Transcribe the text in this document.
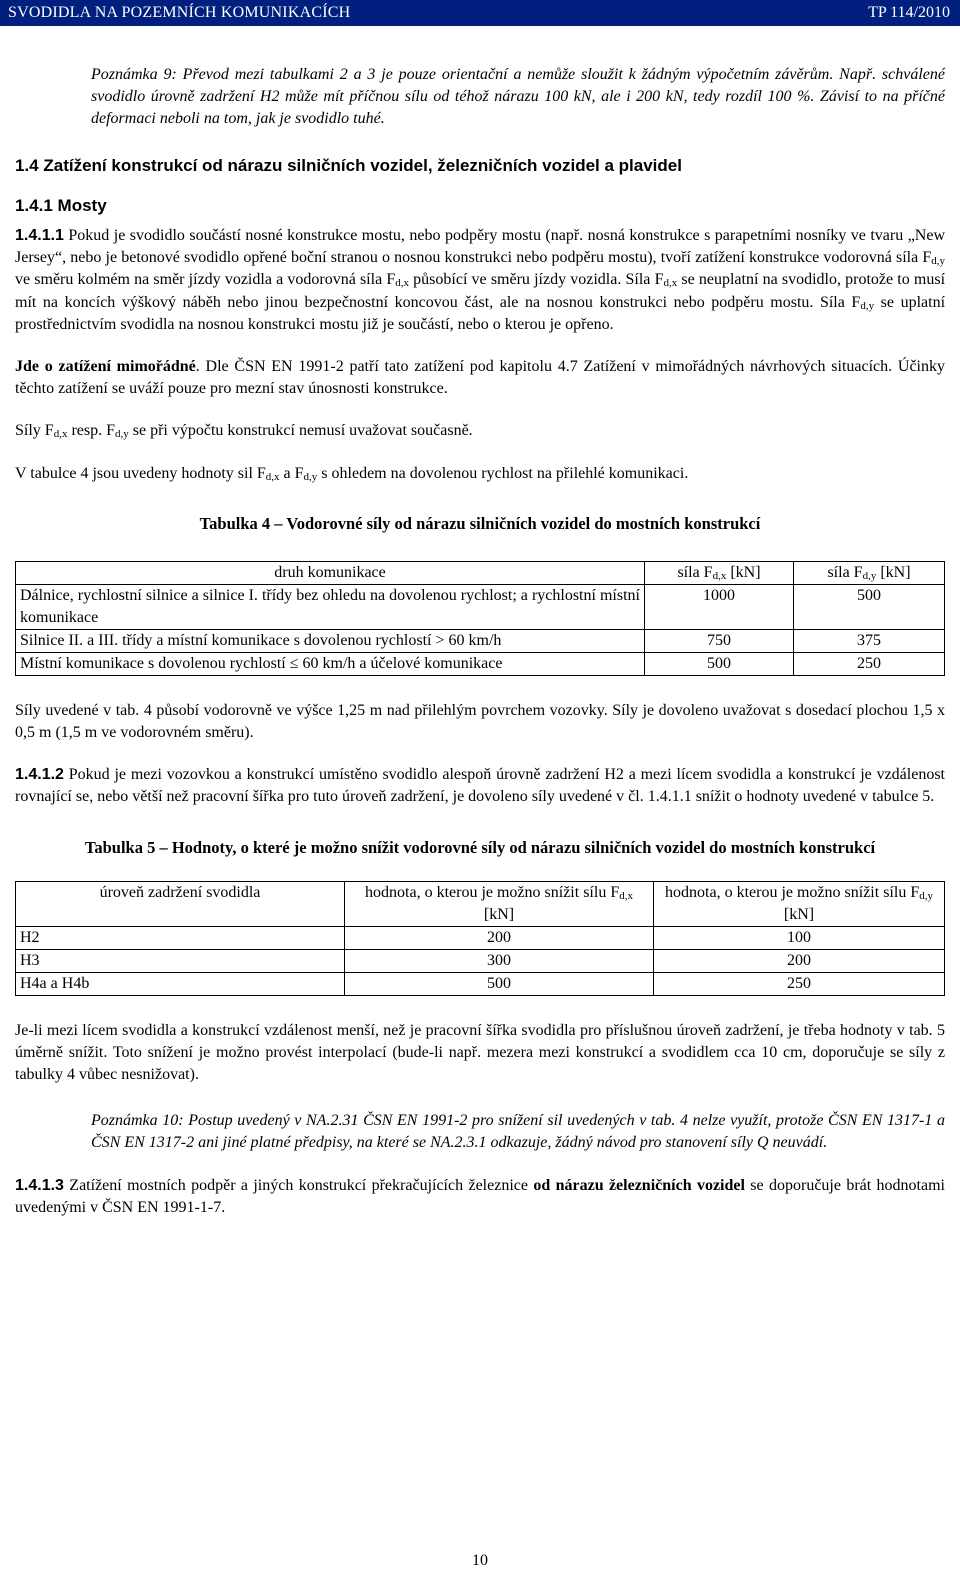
SVODIDLA NA POZEMNÍCH KOMUNIKACÍCH	TP 114/2010

Poznámka 9: Převod mezi tabulkami 2 a 3 je pouze orientační a nemůže sloužit k žádným výpočetním závěrům. Např. schválené svodidlo úrovně zadržení H2 může mít příčnou sílu od téhož nárazu 100 kN, ale i 200 kN, tedy rozdíl 100 %. Závisí to na příčné deformaci neboli na tom, jak je svodidlo tuhé.

1.4 Zatížení konstrukcí od nárazu silničních vozidel, železničních vozidel a plavidel

1.4.1 Mosty

1.4.1.1 Pokud je svodidlo součástí nosné konstrukce mostu, nebo podpěry mostu (např. nosná konstrukce s parapetními nosníky ve tvaru „New Jersey“, nebo je betonové svodidlo opřené boční stranou o nosnou konstrukci nebo podpěru mostu), tvoří zatížení konstrukce vodorovná síla $F_{d,y}$ ve směru kolmém na směr jízdy vozidla a vodorovná síla $F_{d,x}$ působící ve směru jízdy vozidla. Síla $F_{d,x}$ se neuplatní na svodidlo, protože to musí mít na koncích výškový náběh nebo jinou bezpečnostní koncovou část, ale na nosnou konstrukci nebo podpěru mostu. Síla $F_{d,y}$ se uplatní prostřednictvím svodidla na nosnou konstrukci mostu již je součástí, nebo o kterou je opřeno.

Jde o zatížení mimořádné. Dle ČSN EN 1991-2 patří tato zatížení pod kapitolu 4.7 Zatížení v mimořádných návrhových situacích. Účinky těchto zatížení se uváží pouze pro mezní stav únosnosti konstrukce.

Síly $F_{d,x}$ resp. $F_{d,y}$ se při výpočtu konstrukcí nemusí uvažovat současně.

V tabulce 4 jsou uvedeny hodnoty sil $F_{d,x}$ a $F_{d,y}$ s ohledem na dovolenou rychlost na přilehlé komunikaci.

Tabulka 4 – Vodorovné síly od nárazu silničních vozidel do mostních konstrukcí

druh komunikace	síla $F_{d,x}$ [kN]	síla $F_{d,y}$ [kN]
Dálnice, rychlostní silnice a silnice I. třídy bez ohledu na dovolenou rychlost; a rychlostní místní komunikace	1000	500
Silnice II. a III. třídy a místní komunikace s dovolenou rychlostí > 60 km/h	750	375
Místní komunikace s dovolenou rychlostí ≤ 60 km/h a účelové komunikace	500	250

Síly uvedené v tab. 4 působí vodorovně ve výšce 1,25 m nad přilehlým povrchem vozovky. Síly je dovoleno uvažovat s dosedací plochou 1,5 x 0,5 m (1,5 m ve vodorovném směru).

1.4.1.2 Pokud je mezi vozovkou a konstrukcí umístěno svodidlo alespoň úrovně zadržení H2 a mezi lícem svodidla a konstrukcí je vzdálenost rovnající se, nebo větší než pracovní šířka pro tuto úroveň zadržení, je dovoleno síly uvedené v čl. 1.4.1.1 snížit o hodnoty uvedené v tabulce 5.

Tabulka 5 – Hodnoty, o které je možno snížit vodorovné síly od nárazu silničních vozidel do mostních konstrukcí

úroveň zadržení svodidla	hodnota, o kterou je možno snížit sílu $F_{d,x}$ [kN]	hodnota, o kterou je možno snížit sílu $F_{d,y}$ [kN]
H2	200	100
H3	300	200
H4a a H4b	500	250

Je-li mezi lícem svodidla a konstrukcí vzdálenost menší, než je pracovní šířka svodidla pro příslušnou úroveň zadržení, je třeba hodnoty v tab. 5 úměrně snížit. Toto snížení je možno provést interpolací (bude-li např. mezera mezi konstrukcí a svodidlem cca 10 cm, doporučuje se síly z tabulky 4 vůbec nesnižovat).

Poznámka 10: Postup uvedený v NA.2.31 ČSN EN 1991-2 pro snížení sil uvedených v tab. 4 nelze využít, protože ČSN EN 1317-1 a ČSN EN 1317-2 ani jiné platné předpisy, na které se NA.2.3.1 odkazuje, žádný návod pro stanovení síly Q neuvádí.

1.4.1.3 Zatížení mostních podpěr a jiných konstrukcí překračujících železnice od nárazu železničních vozidel se doporučuje brát hodnotami uvedenými v ČSN EN 1991-1-7.

10
